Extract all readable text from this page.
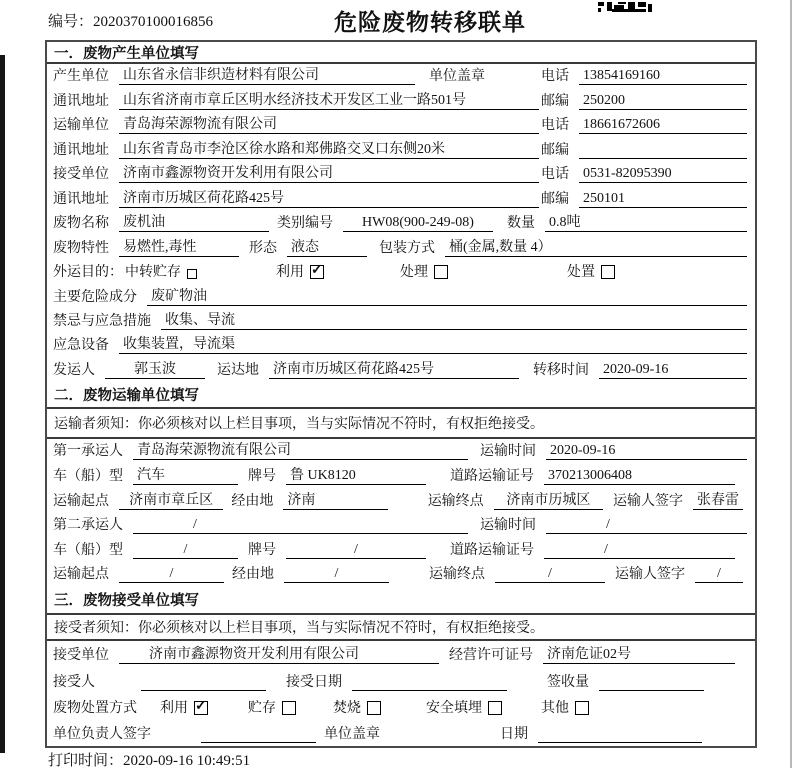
编号：2020370100016856	危险废物转移联单
一．废物产生单位填写
产生单位 山东省永信非织造材料有限公司	单位盖章	电话 13854169160
通讯地址 山东省济南市章丘区明水经济技术开发区工业一路501号	邮编 250200
运输单位 青岛海荣源物流有限公司	电话 18661672606
通讯地址 山东省青岛市李沧区徐水路和郑佛路交叉口东侧20米	邮编
接受单位 济南市鑫源物资开发利用有限公司	电话 0531-82095390
通讯地址 济南市历城区荷花路425号	邮编 250101
废物名称 废机油	类别编号	HW08(900-249-08)	数量 0.8吨
废物特性 易燃性,毒性	形态 液态	包装方式 桶(金属,数量 4）
外运目的： 中转贮存	利用 ✓	处理	处置
主要危险成分 废矿物油
禁忌与应急措施 收集、导流
应急设备 收集装置，导流渠
发运人	郭玉波	运达地 济南市历城区荷花路425号	转移时间 2020-09-16
二．废物运输单位填写
运输者须知：你必须核对以上栏目事项，当与实际情况不符时，有权拒绝接受。
第一承运人 青岛海荣源物流有限公司	运输时间 2020-09-16
车（船）型 汽车	牌号 鲁 UK8120	道路运输证号 370213006408
运输起点	济南市章丘区	经由地 济南	运输终点	济南市历城区	运输人签字 张春雷
第二承运人	/	运输时间	/
车（船）型	/	牌号	/	道路运输证号	/
运输起点	/	经由地	/	运输终点	/	运输人签字	/
三．废物接受单位填写
接受者须知：你必须核对以上栏目事项，当与实际情况不符时，有权拒绝接受。
接受单位	济南市鑫源物资开发利用有限公司	经营许可证号 济南危证02号
接受人	接受日期	签收量
废物处置方式 利用 ✓	贮存	焚烧	安全填埋	其他
单位负责人签字	单位盖章	日期
打印时间：2020-09-16 10:49:51
